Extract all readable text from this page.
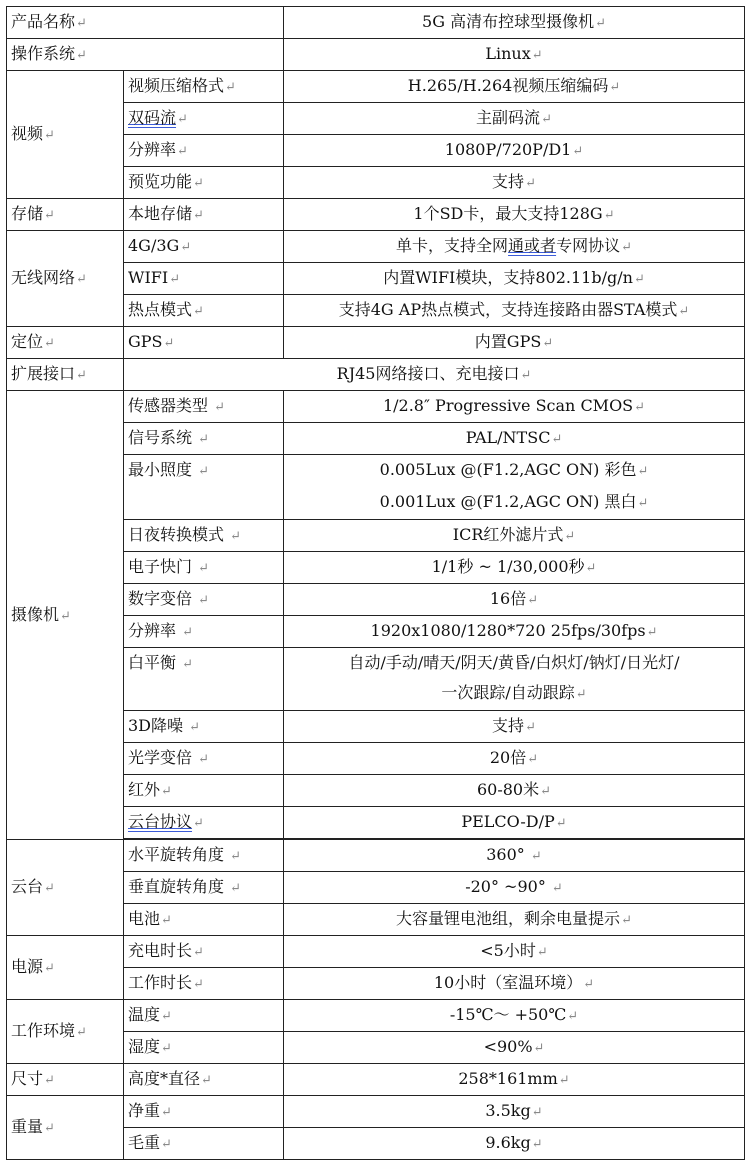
产品名称↵		5G 高清布控球型摄像机↵
操作系统↵		Linux↵
视频↵	视频压缩格式↵	H.265/H.264视频压缩编码↵
	双码流↵	主副码流↵
	分辨率↵	1080P/720P/D1↵
	预览功能↵	支持↵
存储↵	本地存储↵	1个SD卡，最大支持128G↵
无线网络↵	4G/3G↵	单卡，支持全网通或者专网协议↵
	WIFI↵	内置WIFI模块，支持802.11b/g/n↵
	热点模式↵	支持4G AP热点模式，支持连接路由器STA模式↵
定位↵	GPS↵	内置GPS↵
扩展接口↵	RJ45网络接口、充电接口↵	
摄像机↵	传感器类型 ↵	1/2.8″ Progressive Scan CMOS↵
	信号系统 ↵	PAL/NTSC↵
	最小照度 ↵	0.005Lux @(F1.2,AGC ON) 彩色↵
0.001Lux @(F1.2,AGC ON) 黑白↵

	日夜转换模式 ↵	ICR红外滤片式↵
	电子快门 ↵	1/1秒 ~ 1/30,000秒↵
	数字变倍 ↵	16倍↵
	分辨率 ↵	1920x1080/1280*720 25fps/30fps↵
	白平衡 ↵	自动/手动/晴天/阴天/黄昏/白炽灯/钠灯/日光灯/
一次跟踪/自动跟踪↵

	3D降噪 ↵	支持↵
	光学变倍 ↵	20倍↵
	红外↵	60-80米↵
	云台协议↵	PELCO-D/P↵

云台↵	水平旋转角度 ↵	360° ↵
	垂直旋转角度 ↵	-20° ~90° ↵
	电池↵	大容量锂电池组，剩余电量提示↵
电源↵	充电时长↵	<5小时↵
	工作时长↵	10小时（室温环境）↵
工作环境↵	温度↵	-15℃～ +50℃↵
	湿度↵	<90%↵
尺寸↵	高度*直径↵	258*161mm↵
重量↵	净重↵	3.5kg↵
	毛重↵	9.6kg↵
